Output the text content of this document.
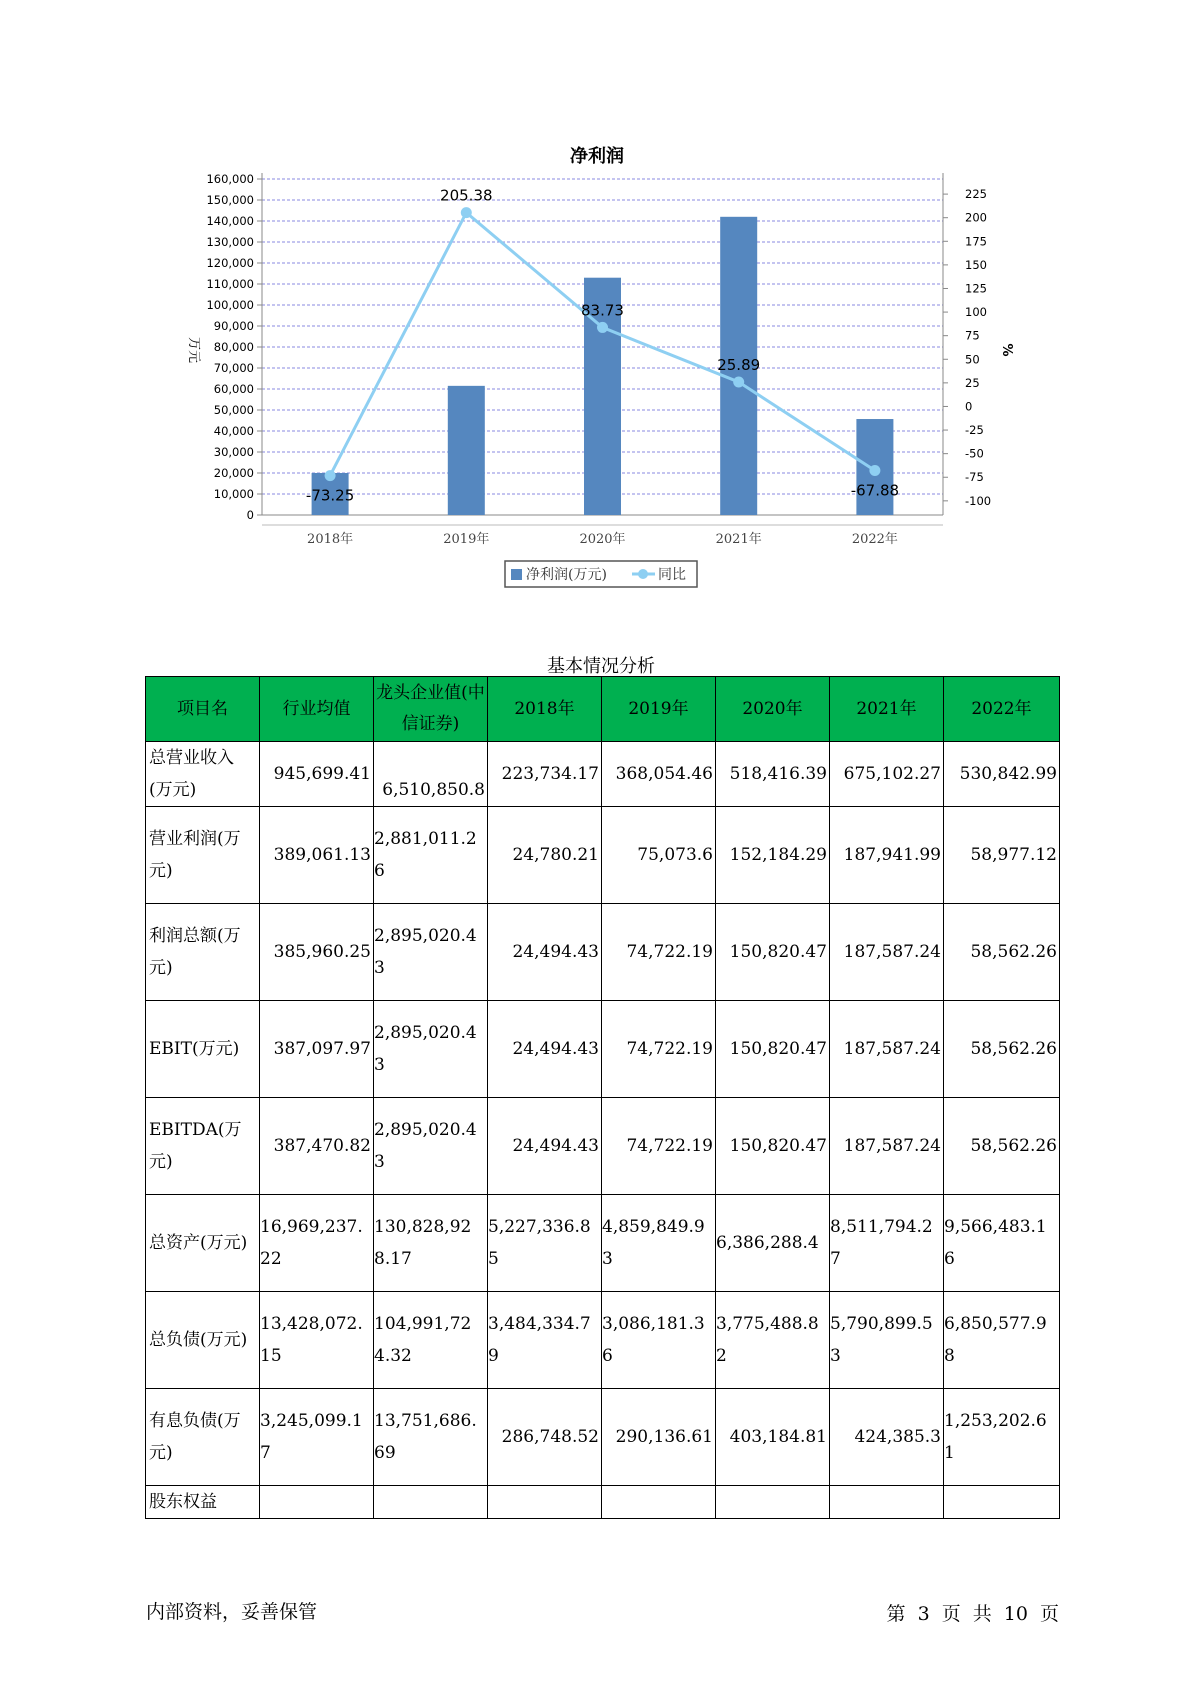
净利润
0
10,000
20,000
30,000
40,000
50,000
60,000
70,000
80,000
90,000
100,000
110,000
120,000
130,000
140,000
150,000
160,000
-100
-75
-50
-25
0
25
50
75
100
125
150
175
200
225
万元	%
2018年	2019年	2020年	2021年	2022年
-73.25
205.38
83.73
25.89
-67.88
净利润(万元)	同比
基本情况分析
项目名	行业均值	龙头企业值(中信证券)	2018年	2019年	2020年	2021年	2022年
总营业收入(万元)	945,699.41	6,510,850.8	223,734.17	368,054.46	518,416.39	675,102.27	530,842.99
营业利润(万元)	389,061.13	2,881,011.26	24,780.21	75,073.6	152,184.29	187,941.99	58,977.12
利润总额(万元)	385,960.25	2,895,020.43	24,494.43	74,722.19	150,820.47	187,587.24	58,562.26
EBIT(万元)	387,097.97	2,895,020.43	24,494.43	74,722.19	150,820.47	187,587.24	58,562.26
EBITDA(万元)	387,470.82	2,895,020.43	24,494.43	74,722.19	150,820.47	187,587.24	58,562.26
总资产(万元)	16,969,237.22	130,828,928.17	5,227,336.85	4,859,849.93	6,386,288.4	8,511,794.27	9,566,483.16
总负债(万元)	13,428,072.15	104,991,724.32	3,484,334.79	3,086,181.36	3,775,488.82	5,790,899.53	6,850,577.98
有息负债(万元)	3,245,099.17	13,751,686.69	286,748.52	290,136.61	403,184.81	424,385.3	1,253,202.61
股东权益							
内部资料，妥善保管	第 3 页 共 10 页
